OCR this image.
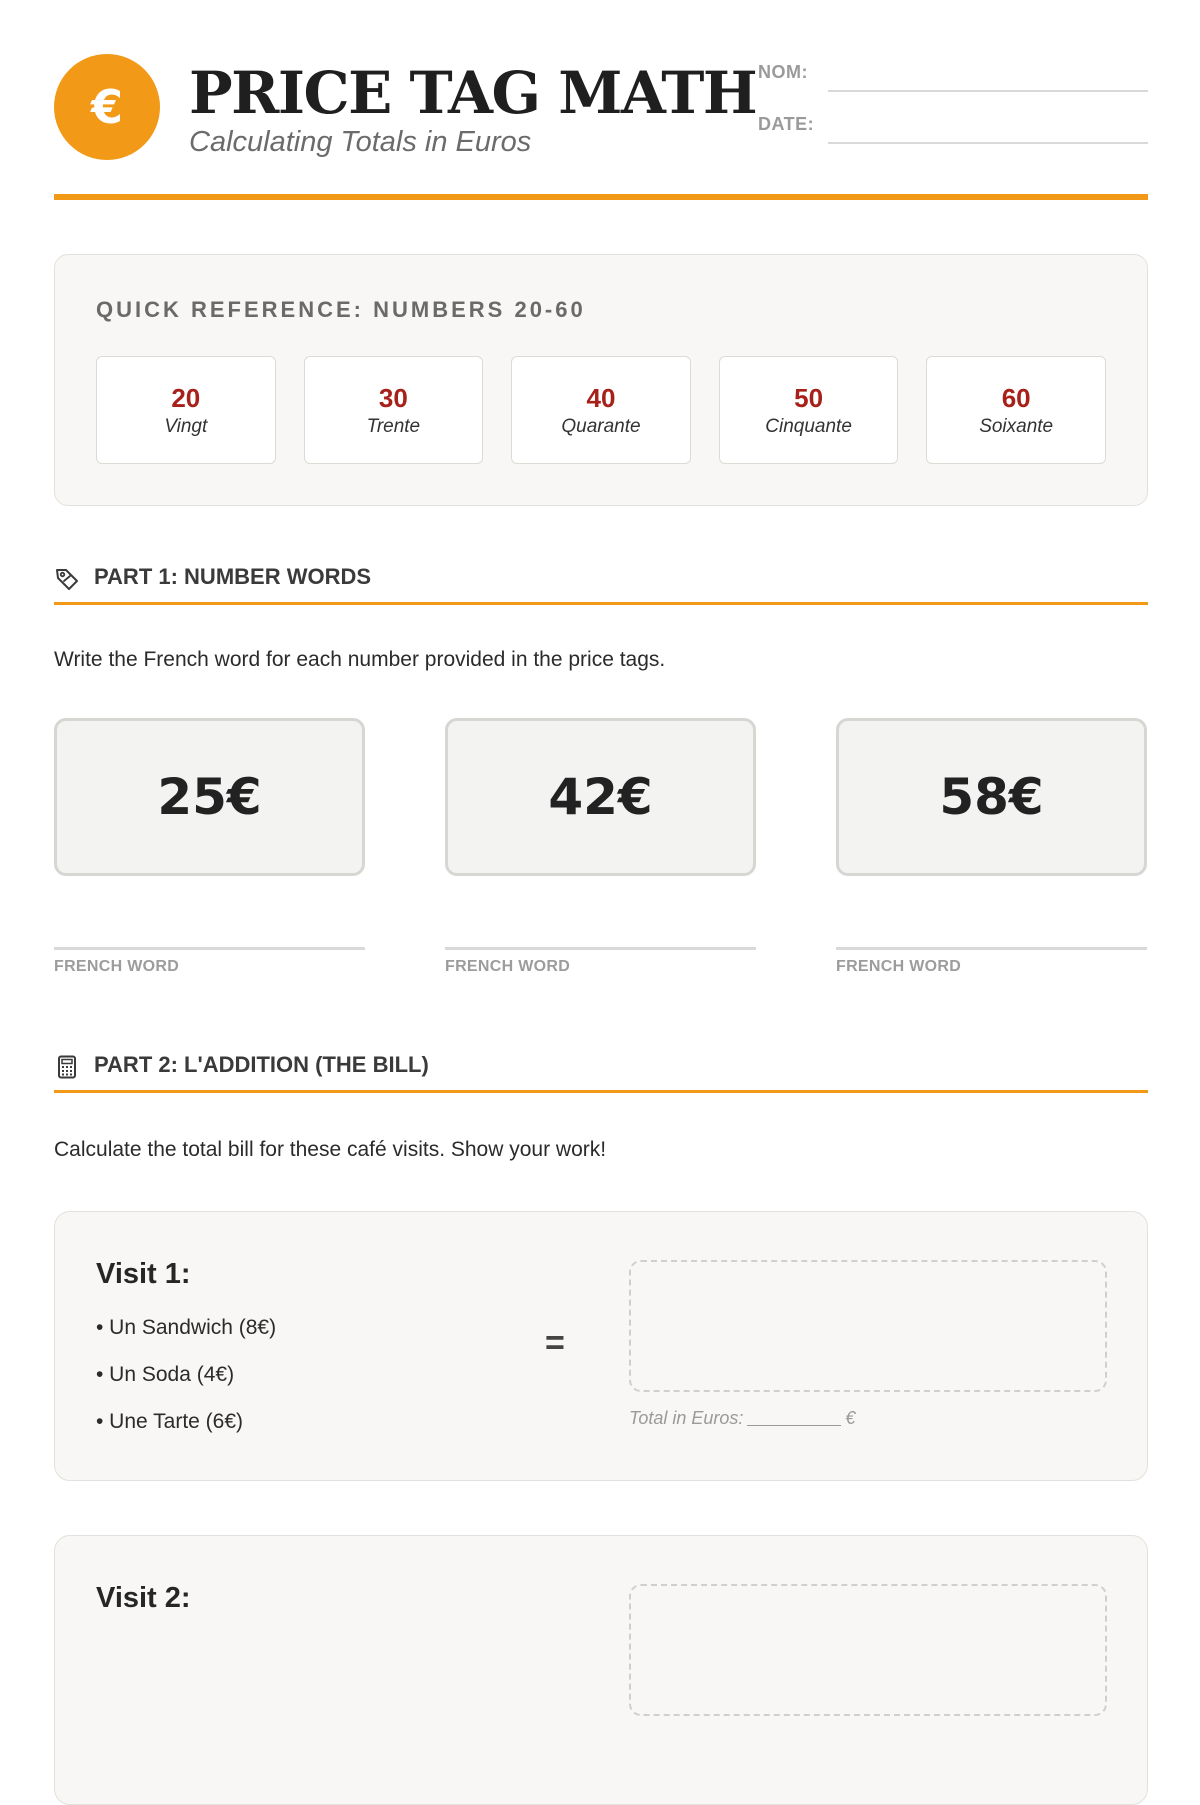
€	PRICE TAG MATH
Calculating Totals in Euros
NOM:
DATE:
QUICK REFERENCE: NUMBERS 20-60
20
Vingt
30
Trente
40
Quarante
50
Cinquante
60
Soixante
PART 1: NUMBER WORDS
Write the French word for each number provided in the price tags.
25€	42€	58€
FRENCH WORD	FRENCH WORD	FRENCH WORD
PART 2: L'ADDITION (THE BILL)
Calculate the total bill for these café visits. Show your work!
Visit 1:
• Un Sandwich (8€)
• Un Soda (4€)
• Une Tarte (6€)
=
Total in Euros:	€
Visit 2:
